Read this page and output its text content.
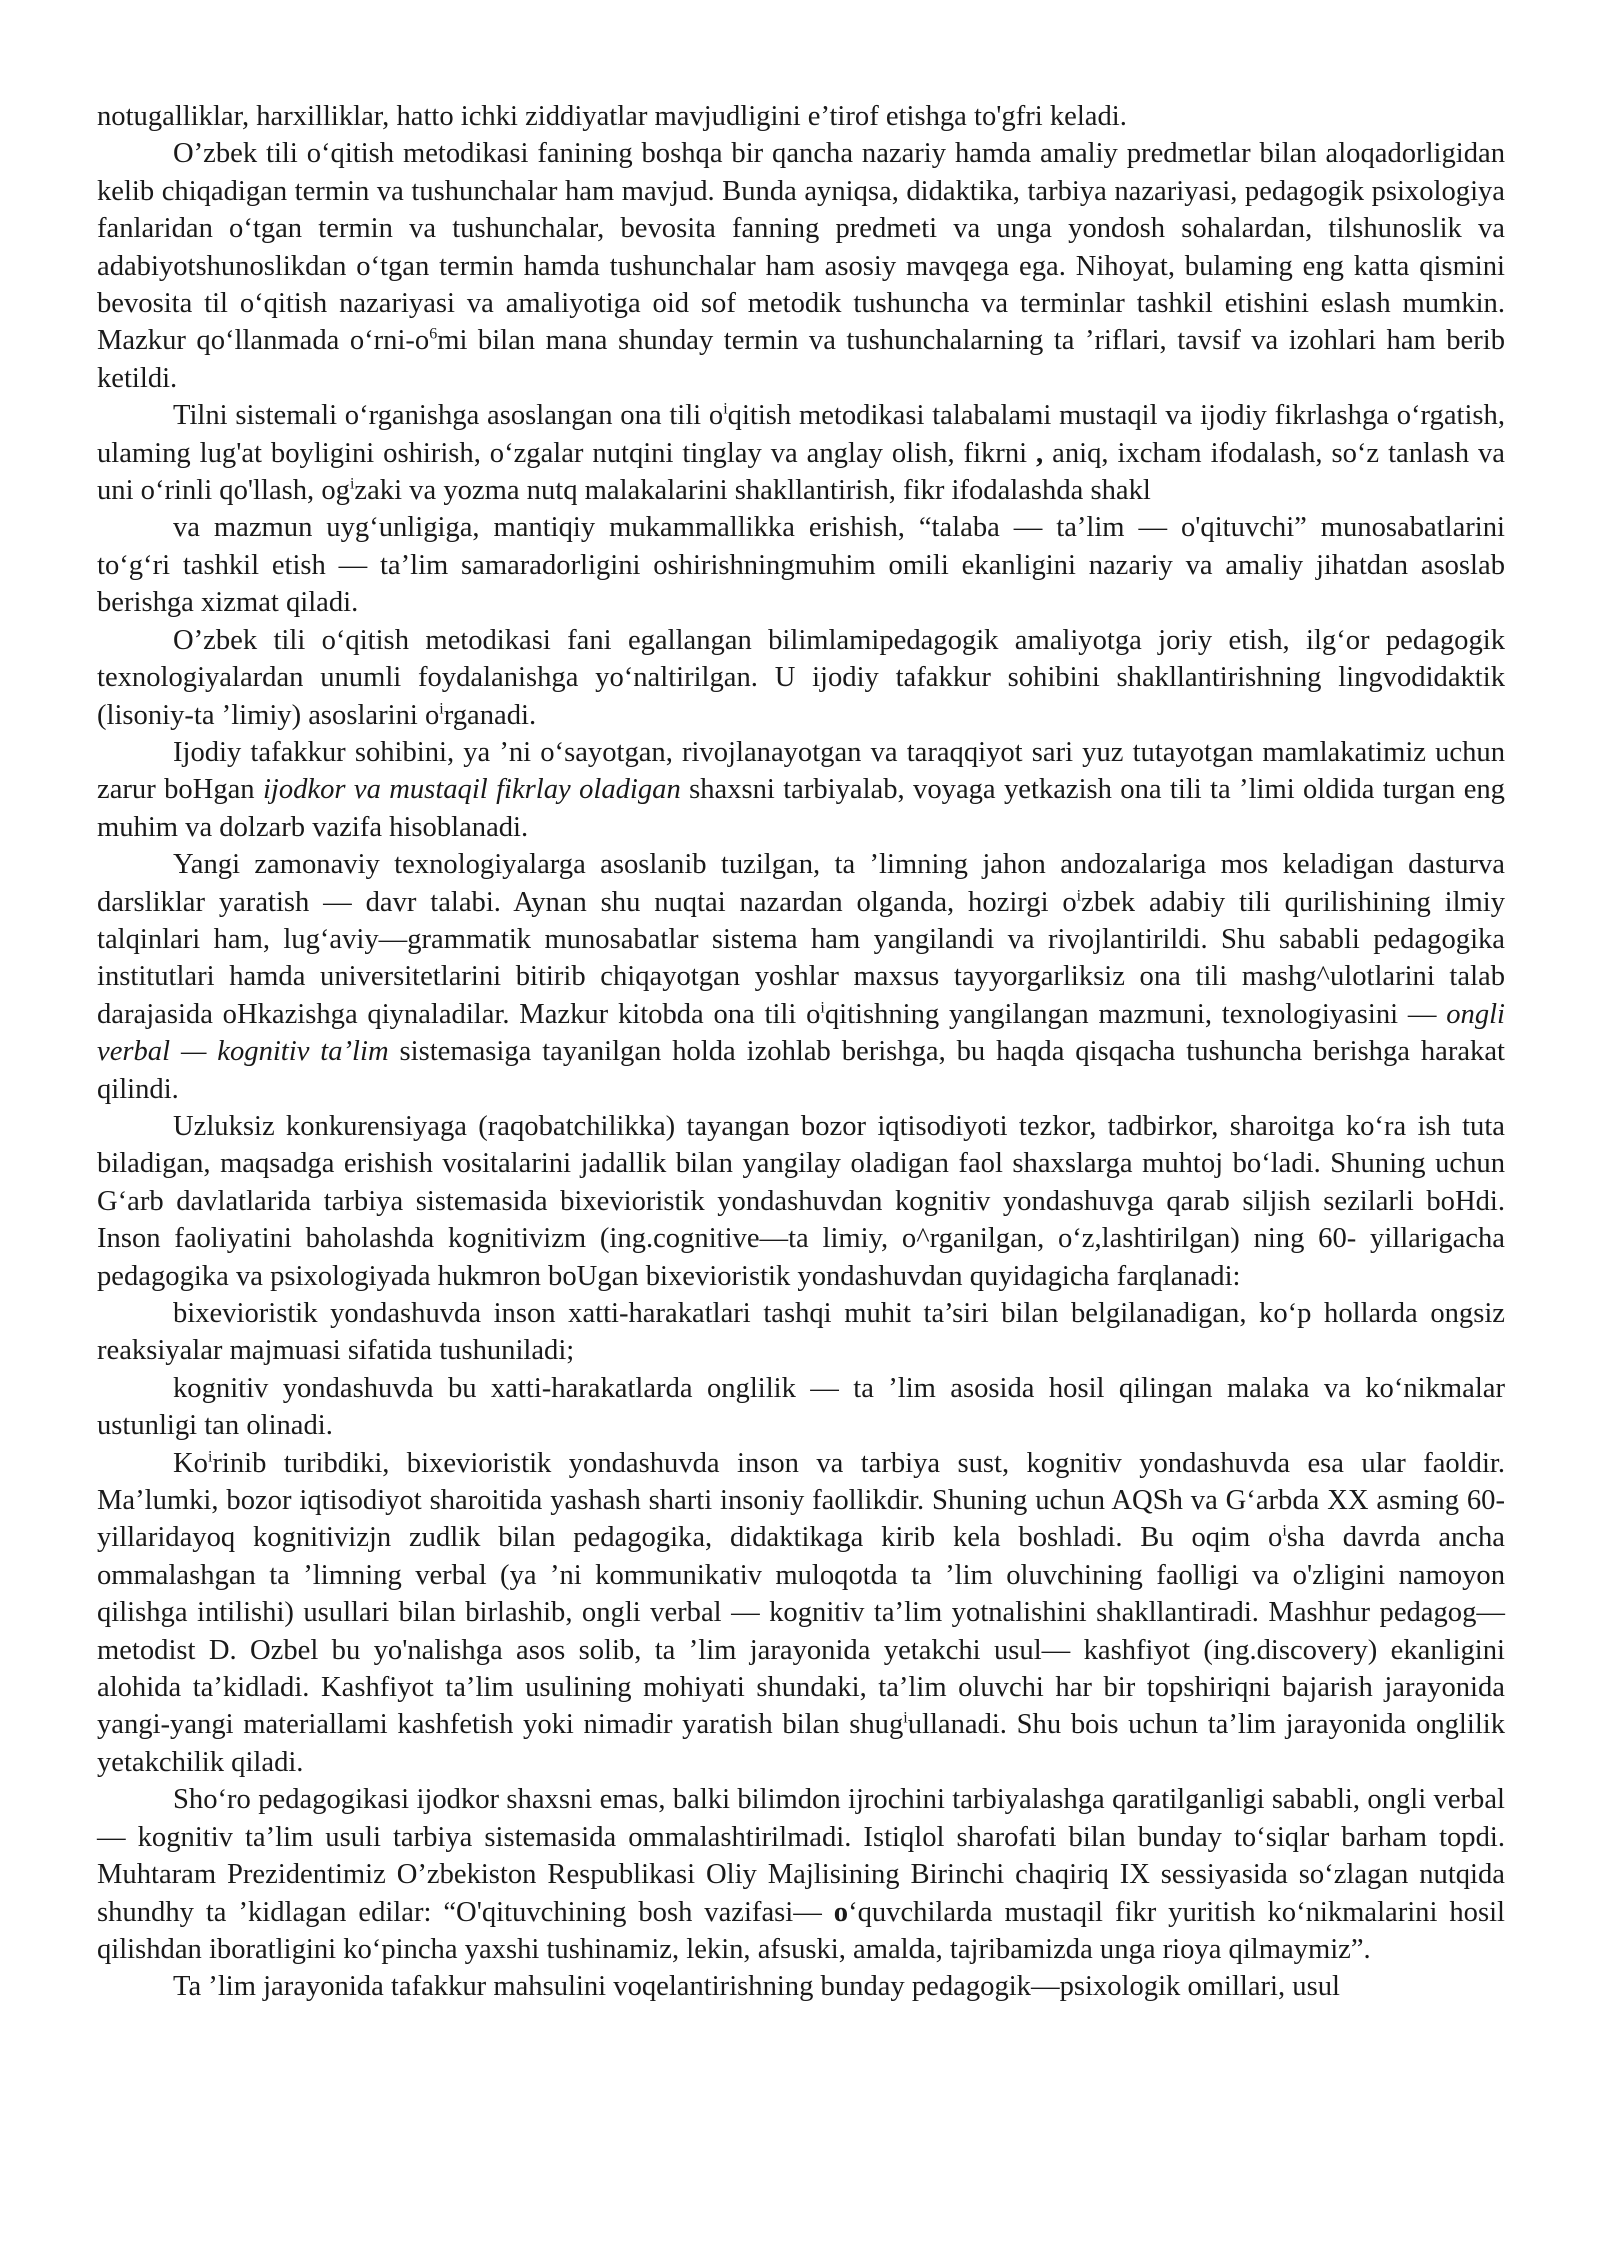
notugalliklar, harxilliklar, hatto ichki ziddiyatlar mavjudligini e’tirof etishga to'gfri keladi.

O’zbek tili o‘qitish metodikasi fanining boshqa bir qancha nazariy hamda amaliy predmetlar bilan aloqadorligidan kelib chiqadigan termin va tushunchalar ham mavjud. Bunda ayniqsa, didaktika, tarbiya nazariyasi, pedagogik psixologiya fanlaridan o‘tgan termin va tushunchalar, bevosita fanning predmeti va unga yondosh sohalardan, tilshunoslik va adabiyotshunoslikdan o‘tgan termin hamda tushunchalar ham asosiy mavqega ega. Nihoyat, bulaming eng katta qismini bevosita til o‘qitish nazariyasi va amaliyotiga oid sof metodik tushuncha va terminlar tashkil etishini eslash mumkin. Mazkur qo‘llanmada $o‘rni-o^6mi$ bilan mana shunday termin va tushunchalarning ta ’riflari, tavsif va izohlari ham berib ketildi.

Tilni sistemali o‘rganishga asoslangan ona tili $o^iqitish$ metodikasi talabalami mustaqil va ijodiy fikrlashga o‘rgatish, ulaming lug'at boyligini oshirish, o‘zgalar nutqini tinglay va anglay olish, fikrni , aniq, ixcham ifodalash, so‘z tanlash va uni o‘rinli qo'llash, $og^izaki$ va yozma nutq malakalarini shakllantirish, fikr ifodalashda shakl

va mazmun uyg‘unligiga, mantiqiy mukammallikka erishish, “talaba — ta’lim — o'qituvchi” munosabatlarini to‘g‘ri tashkil etish — ta’lim samaradorligini oshirishningmuhim omili ekanligini nazariy va amaliy jihatdan asoslab berishga xizmat qiladi.

O’zbek tili o‘qitish metodikasi fani egallangan bilimlamipedagogik amaliyotga joriy etish, ilg‘or pedagogik texnologiyalardan unumli foydalanishga yo‘naltirilgan. U ijodiy tafakkur sohibini shakllantirishning lingvodidaktik (lisoniy-ta ’limiy) asoslarini $o^irganadi$.

Ijodiy tafakkur sohibini, ya ’ni o‘sayotgan, rivojlanayotgan va taraqqiyot sari yuz tutayotgan mamlakatimiz uchun zarur boHgan ijodkor va mustaqil fikrlay oladigan shaxsni tarbiyalab, voyaga yetkazish ona tili ta ’limi oldida turgan eng muhim va dolzarb vazifa hisoblanadi.

Yangi zamonaviy texnologiyalarga asoslanib tuzilgan, ta ’limning jahon andozalariga mos keladigan dasturva darsliklar yaratish — davr talabi. Aynan shu nuqtai nazardan olganda, hozirgi $o^izbek$ adabiy tili qurilishining ilmiy talqinlari ham, lug‘aviy—grammatik munosabatlar sistema ham yangilandi va rivojlantirildi. Shu sababli pedagogika institutlari hamda universitetlarini bitirib chiqayotgan yoshlar maxsus tayyorgarliksiz ona tili mashg^ulotlarini talab darajasida oHkazishga qiynaladilar. Mazkur kitobda ona tili $o^iqitishning$ yangilangan mazmuni, texnologiyasini — ongli verbal — kognitiv ta’lim sistemasiga tayanilgan holda izohlab berishga, bu haqda qisqacha tushuncha berishga harakat qilindi.

Uzluksiz konkurensiyaga (raqobatchilikka) tayangan bozor iqtisodiyoti tezkor, tadbirkor, sharoitga ko‘ra ish tuta biladigan, maqsadga erishish vositalarini jadallik bilan yangilay oladigan faol shaxslarga muhtoj bo‘ladi. Shuning uchun G‘arb davlatlarida tarbiya sistemasida bixevioristik yondashuvdan kognitiv yondashuvga qarab siljish sezilarli boHdi. Inson faoliyatini baholashda kognitivizm (ing.cognitive—ta limiy, o^rganilgan, o‘z,lashtirilgan) ning 60- yillarigacha pedagogika va psixologiyada hukmron boUgan bixevioristik yondashuvdan quyidagicha farqlanadi:

bixevioristik yondashuvda inson xatti-harakatlari tashqi muhit ta’siri bilan belgilanadigan, ko‘p hollarda ongsiz reaksiyalar majmuasi sifatida tushuniladi;

kognitiv yondashuvda bu xatti-harakatlarda onglilik — ta ’lim asosida hosil qilingan malaka va ko‘nikmalar ustunligi tan olinadi.

Ko$^i$rinib turibdiki, bixevioristik yondashuvda inson va tarbiya sust, kognitiv yondashuvda esa ular faoldir. Ma’lumki, bozor iqtisodiyot sharoitida yashash sharti insoniy faollikdir. Shuning uchun AQSh va G‘arbda XX asming 60-yillaridayoq kognitivizjn zudlik bilan pedagogika, didaktikaga kirib kela boshladi. Bu oqim $o^isha$ davrda ancha ommalashgan ta ’limning verbal (ya ’ni kommunikativ muloqotda ta ’lim oluvchining faolligi va o'zligini namoyon qilishga intilishi) usullari bilan birlashib, ongli verbal — kognitiv ta’lim yotnalishini shakllantiradi. Mashhur pedagog—metodist D. Ozbel bu yo'nalishga asos solib, ta ’lim jarayonida yetakchi usul— kashfiyot (ing.discovery) ekanligini alohida ta’kidladi. Kashfiyot ta’lim usulining mohiyati shundaki, ta’lim oluvchi har bir topshiriqni bajarish jarayonida yangi-yangi materiallami kashfetish yoki nimadir yaratish bilan shug$^i$ullanadi. Shu bois uchun ta’lim jarayonida onglilik yetakchilik qiladi.

Sho‘ro pedagogikasi ijodkor shaxsni emas, balki bilimdon ijrochini tarbiyalashga qaratilganligi sababli, ongli verbal— kognitiv ta’lim usuli tarbiya sistemasida ommalashtirilmadi. Istiqlol sharofati bilan bunday to‘siqlar barham topdi. Muhtaram Prezidentimiz O’zbekiston Respublikasi Oliy Majlisining Birinchi chaqiriq IX sessiyasida so‘zlagan nutqida shundhy ta ’kidlagan edilar: “O'qituvchining bosh vazifasi— o‘quvchilarda mustaqil fikr yuritish ko‘nikmalarini hosil qilishdan iboratligini ko‘pincha yaxshi tushinamiz, lekin, afsuski, amalda, tajribamizda unga rioya qilmaymiz”.

Ta ’lim jarayonida tafakkur mahsulini voqelantirishning bunday pedagogik—psixologik omillari, usul
